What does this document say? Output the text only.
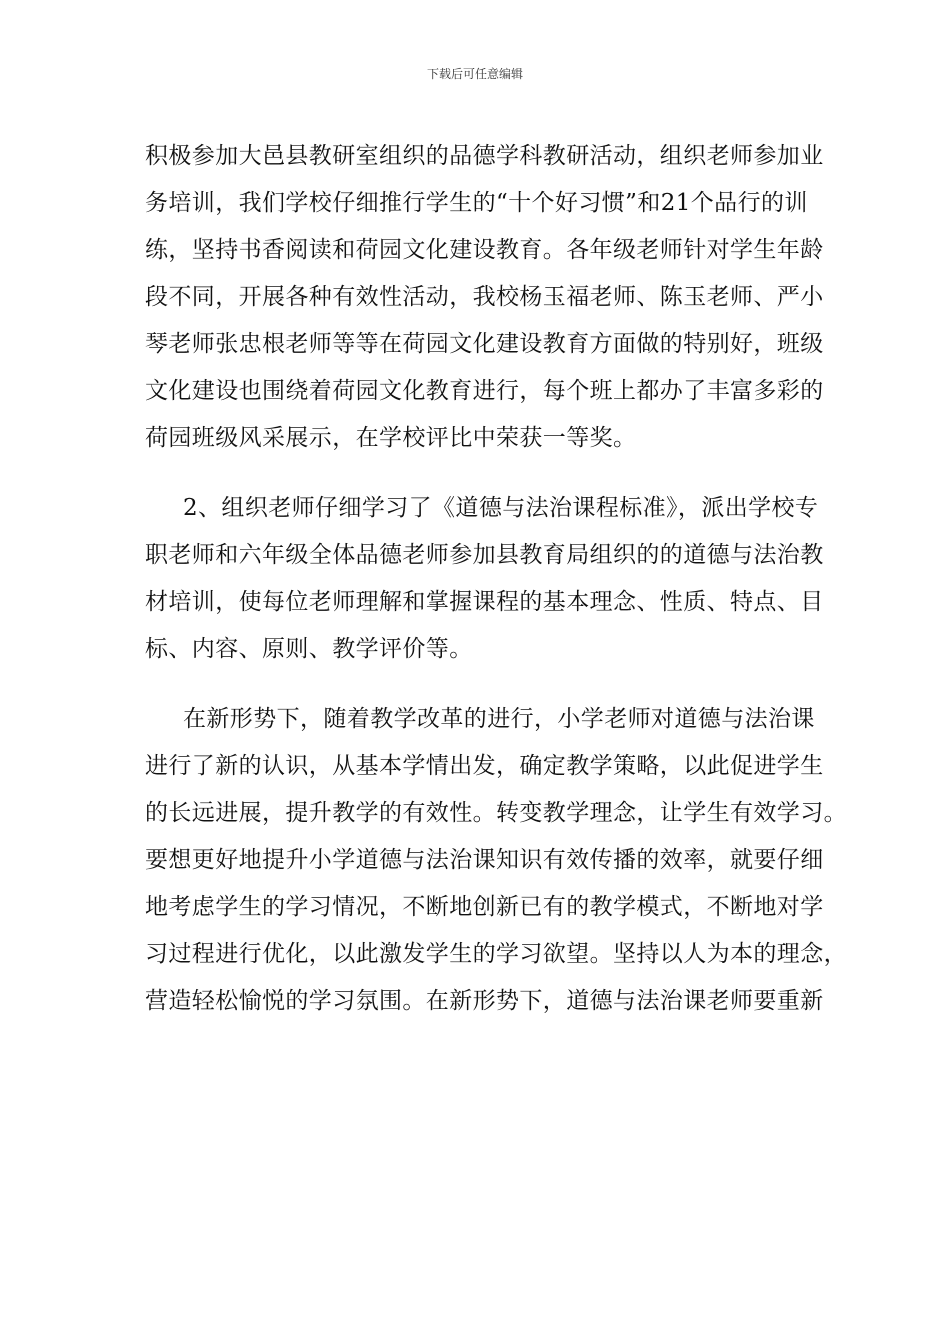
下载后可任意编辑
积极参加大邑县教研室组织的品德学科教研活动，组织老师参加业
务培训，我们学校仔细推行学生的“十个好习惯”和21个品行的训
练，坚持书香阅读和荷园文化建设教育。各年级老师针对学生年龄
段不同，开展各种有效性活动，我校杨玉福老师、陈玉老师、严小
琴老师张忠根老师等等在荷园文化建设教育方面做的特别好，班级
文化建设也围绕着荷园文化教育进行，每个班上都办了丰富多彩的
荷园班级风采展示，在学校评比中荣获一等奖。
2、组织老师仔细学习了《道德与法治课程标准》，派出学校专
职老师和六年级全体品德老师参加县教育局组织的的道德与法治教
材培训，使每位老师理解和掌握课程的基本理念、性质、特点、目
标、内容、原则、教学评价等。
在新形势下，随着教学改革的进行，小学老师对道德与法治课
进行了新的认识，从基本学情出发，确定教学策略，以此促进学生
的长远进展，提升教学的有效性。转变教学理念，让学生有效学习。
要想更好地提升小学道德与法治课知识有效传播的效率，就要仔细
地考虑学生的学习情况，不断地创新已有的教学模式，不断地对学
习过程进行优化，以此激发学生的学习欲望。坚持以人为本的理念，
营造轻松愉悦的学习氛围。在新形势下，道德与法治课老师要重新
